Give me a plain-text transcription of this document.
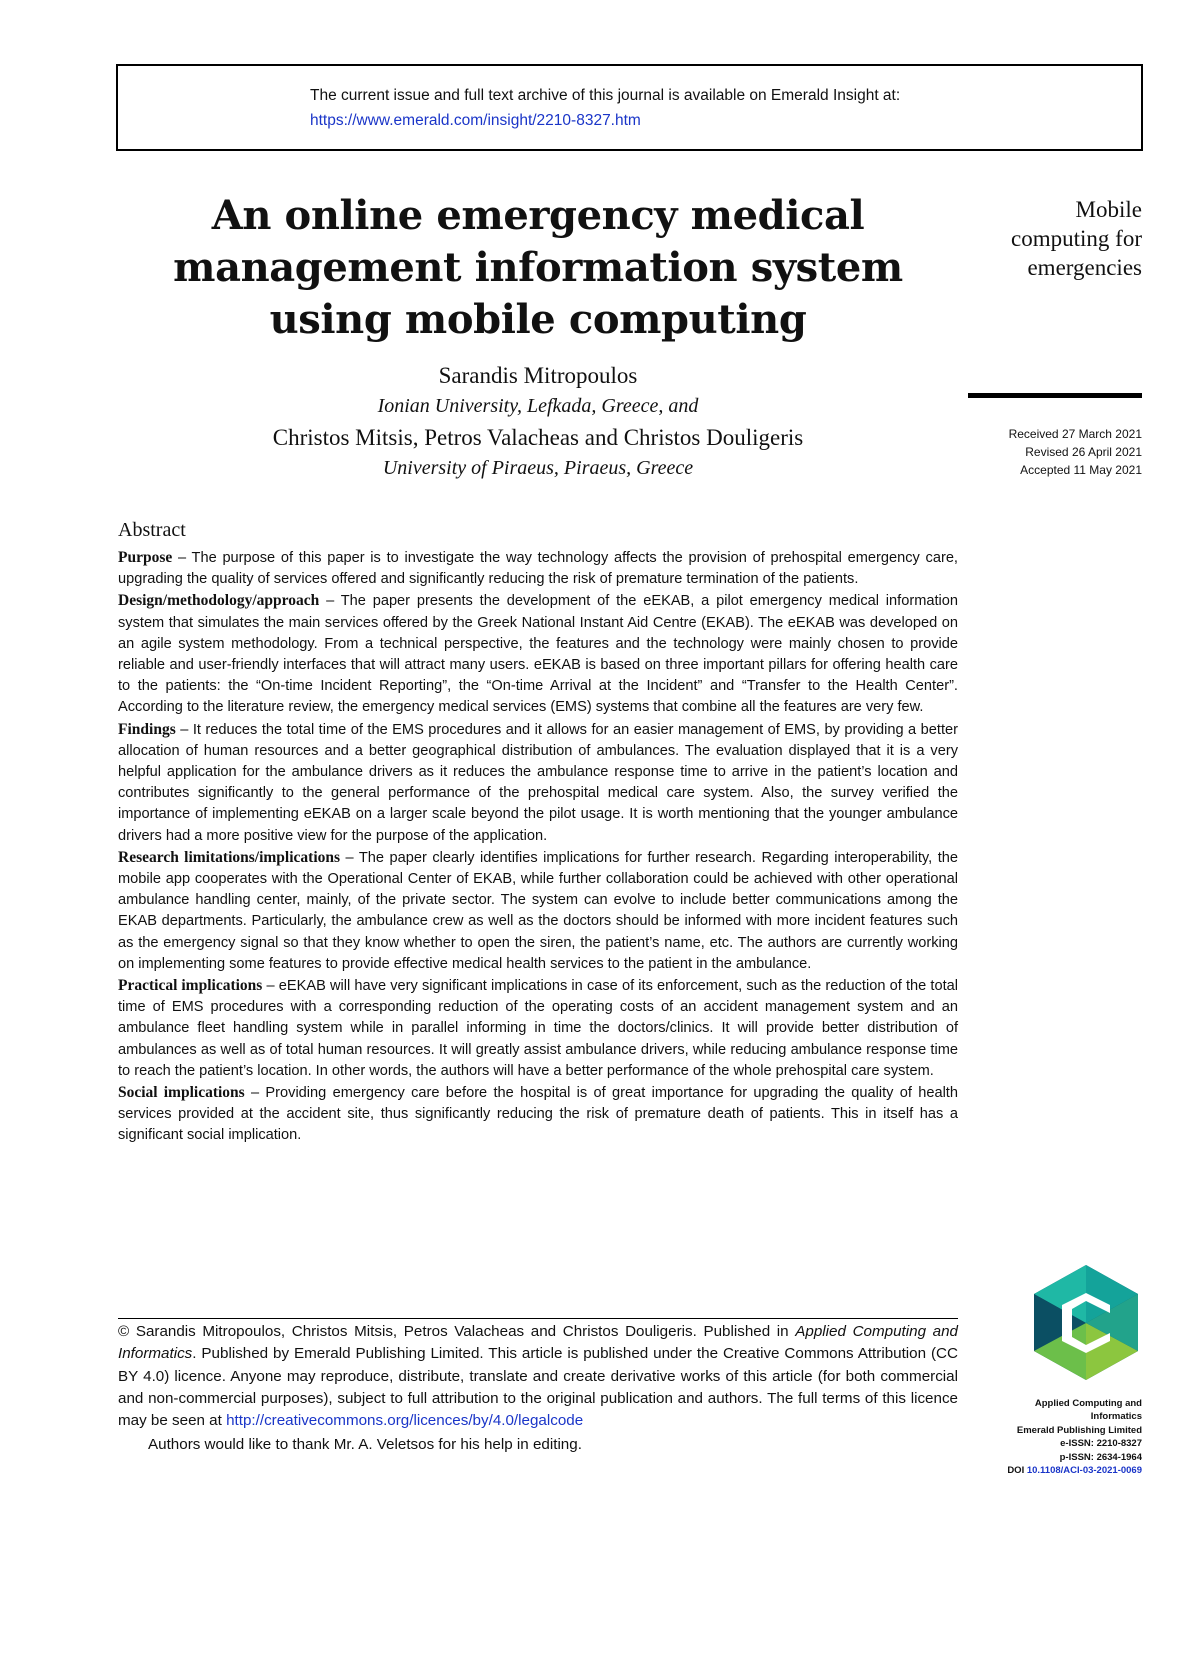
The current issue and full text archive of this journal is available on Emerald Insight at:
https://www.emerald.com/insight/2210-8327.htm
An online emergency medical
management information system
using mobile computing
Sarandis Mitropoulos
Ionian University, Lefkada, Greece, and
Christos Mitsis, Petros Valacheas and Christos Douligeris
University of Piraeus, Piraeus, Greece
Mobile
computing for
emergencies
Received 27 March 2021
Revised 26 April 2021
Accepted 11 May 2021
Abstract

Purpose – The purpose of this paper is to investigate the way technology affects the provision of prehospital emergency care, upgrading the quality of services offered and significantly reducing the risk of premature termination of the patients.

Design/methodology/approach – The paper presents the development of the eEKAB, a pilot emergency medical information system that simulates the main services offered by the Greek National Instant Aid Centre (EKAB). The eEKAB was developed on an agile system methodology. From a technical perspective, the features and the technology were mainly chosen to provide reliable and user-friendly interfaces that will attract many users. eEKAB is based on three important pillars for offering health care to the patients: the “On-time Incident Reporting”, the “On-time Arrival at the Incident” and “Transfer to the Health Center”. According to the literature review, the emergency medical services (EMS) systems that combine all the features are very few.

Findings – It reduces the total time of the EMS procedures and it allows for an easier management of EMS, by providing a better allocation of human resources and a better geographical distribution of ambulances. The evaluation displayed that it is a very helpful application for the ambulance drivers as it reduces the ambulance response time to arrive in the patient’s location and contributes significantly to the general performance of the prehospital medical care system. Also, the survey verified the importance of implementing eEKAB on a larger scale beyond the pilot usage. It is worth mentioning that the younger ambulance drivers had a more positive view for the purpose of the application.

Research limitations/implications – The paper clearly identifies implications for further research. Regarding interoperability, the mobile app cooperates with the Operational Center of EKAB, while further collaboration could be achieved with other operational ambulance handling center, mainly, of the private sector. The system can evolve to include better communications among the EKAB departments. Particularly, the ambulance crew as well as the doctors should be informed with more incident features such as the emergency signal so that they know whether to open the siren, the patient’s name, etc. The authors are currently working on implementing some features to provide effective medical health services to the patient in the ambulance.

Practical implications – eEKAB will have very significant implications in case of its enforcement, such as the reduction of the total time of EMS procedures with a corresponding reduction of the operating costs of an accident management system and an ambulance fleet handling system while in parallel informing in time the doctors/clinics. It will provide better distribution of ambulances as well as of total human resources. It will greatly assist ambulance drivers, while reducing ambulance response time to reach the patient’s location. In other words, the authors will have a better performance of the whole prehospital care system.

Social implications – Providing emergency care before the hospital is of great importance for upgrading the quality of health services provided at the accident site, thus significantly reducing the risk of premature death of patients. This in itself has a significant social implication.

© Sarandis Mitropoulos, Christos Mitsis, Petros Valacheas and Christos Douligeris. Published in Applied Computing and Informatics. Published by Emerald Publishing Limited. This article is published under the Creative Commons Attribution (CC BY 4.0) licence. Anyone may reproduce, distribute, translate and create derivative works of this article (for both commercial and non-commercial purposes), subject to full attribution to the original publication and authors. The full terms of this licence may be seen at http://creativecommons.org/licences/by/4.0/legalcode

Authors would like to thank Mr. A. Veletsos for his help in editing.

Applied Computing and
Informatics
Emerald Publishing Limited
e-ISSN: 2210-8327
p-ISSN: 2634-1964
DOI 10.1108/ACI-03-2021-0069
